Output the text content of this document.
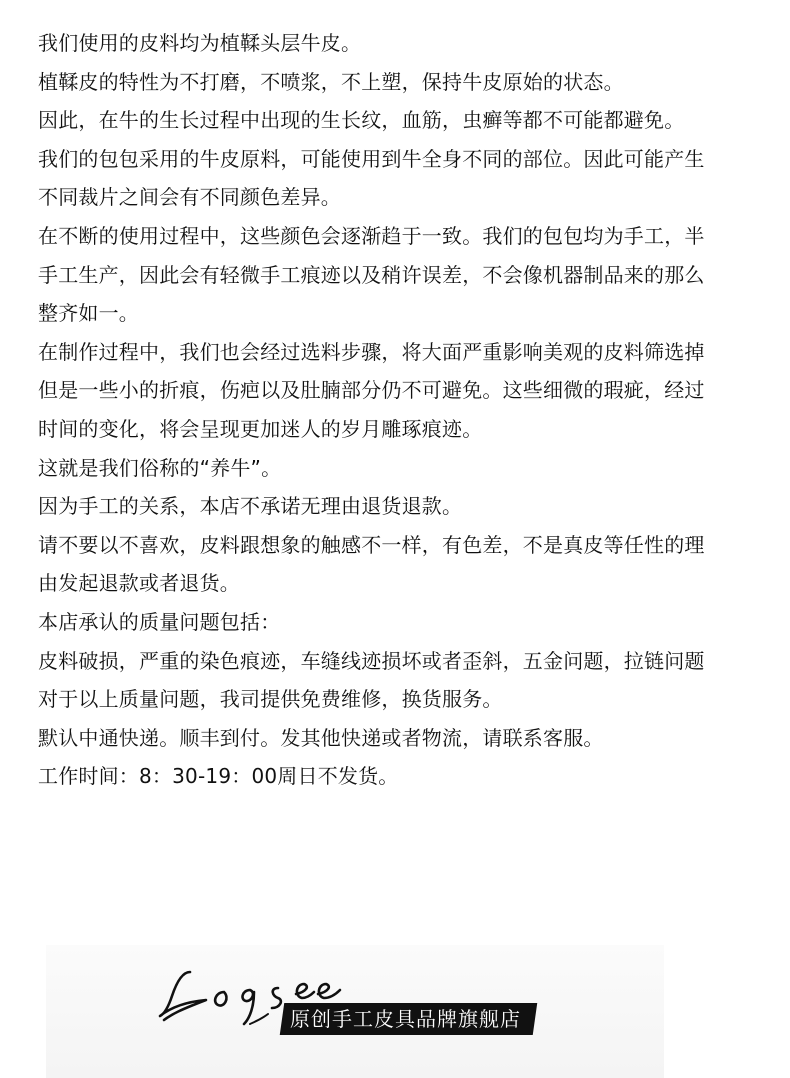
我们使用的皮料均为植鞣头层牛皮。
植鞣皮的特性为不打磨，不喷浆，不上塑，保持牛皮原始的状态。
因此，在牛的生长过程中出现的生长纹，血筋，虫癣等都不可能都避免。
我们的包包采用的牛皮原料，可能使用到牛全身不同的部位。因此可能产生
不同裁片之间会有不同颜色差异。
在不断的使用过程中，这些颜色会逐渐趋于一致。我们的包包均为手工，半
手工生产，因此会有轻微手工痕迹以及稍许误差，不会像机器制品来的那么
整齐如一。
在制作过程中，我们也会经过选料步骤，将大面严重影响美观的皮料筛选掉
但是一些小的折痕，伤疤以及肚腩部分仍不可避免。这些细微的瑕疵，经过
时间的变化，将会呈现更加迷人的岁月雕琢痕迹。
这就是我们俗称的“养牛”。
因为手工的关系，本店不承诺无理由退货退款。
请不要以不喜欢，皮料跟想象的触感不一样，有色差，不是真皮等任性的理
由发起退款或者退货。
本店承认的质量问题包括：
皮料破损，严重的染色痕迹，车缝线迹损坏或者歪斜，五金问题，拉链问题
对于以上质量问题，我司提供免费维修，换货服务。
默认中通快递。顺丰到付。发其他快递或者物流，请联系客服。
工作时间：8：30-19：00周日不发货。
原创手工皮具品牌旗舰店
